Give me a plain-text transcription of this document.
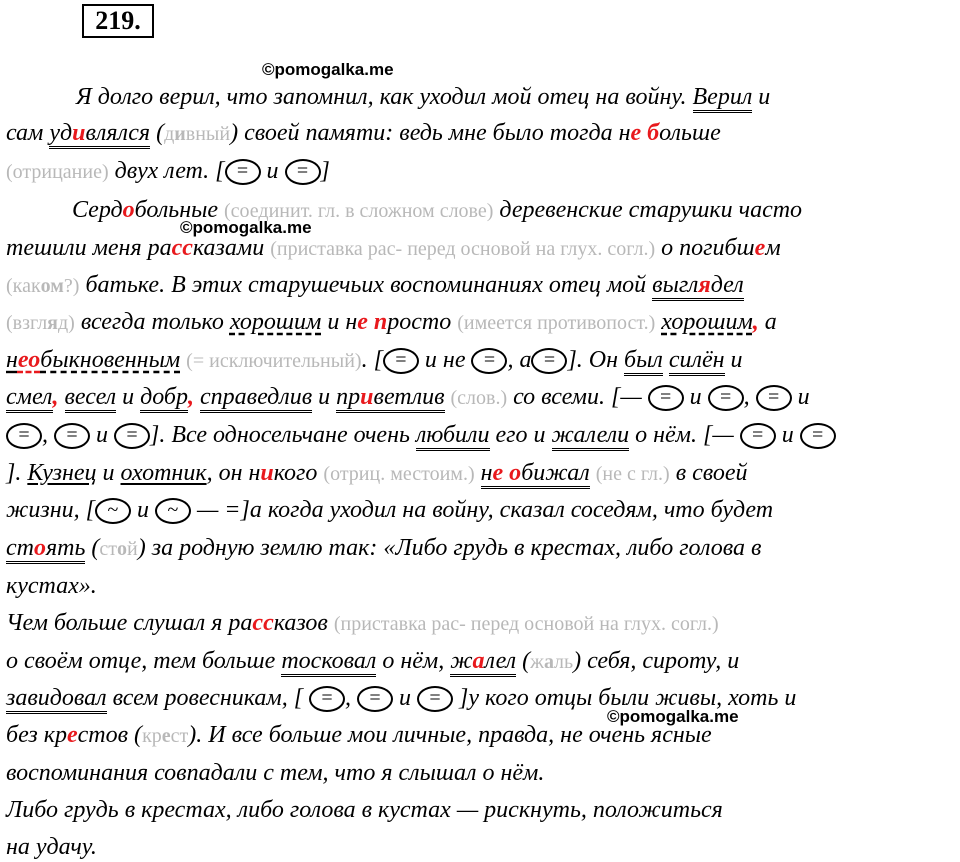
219.
©pomogalka.me
©pomogalka.me
©pomogalka.me
Я долго верил, что запомнил, как уходил мой отец на войну. Верил и
сам удивлялся (дивный) своей памяти: ведь мне было тогда не больше
(отрицание) двух лет. [ = и = ]
Сердобольные (соединит. гл. в сложном слове) деревенские старушки часто
тешили меня рассказами (приставка рас- перед основой на глух. согл.) о погибшем
(каком?) батьке. В этих старушечьих воспоминаниях отец мой выглядел
(взгляд) всегда только хорошим и не просто (имеется противопост.) хорошим, а
необыкновенным (= исключительный). [ = и не = , а = ]. Он был силён и
смел, весел и добр, справедлив и приветлив (слов.) со всеми. [— = и = , = и
= , = и = ]. Все односельчане очень любили его и жалели о нём. [— = и =
]. Кузнец и охотник, он никого (отриц. местоим.) не обижал (не с гл.) в своей
жизни, [ ~ и ~ — =]а когда уходил на войну, сказал соседям, что будет
стоять (стой) за родную землю так: «Либо грудь в крестах, либо голова в
кустах».
Чем больше слушал я рассказов (приставка рас- перед основой на глух. согл.)
о своём отце, тем больше тосковал о нём, жалел (жаль) себя, сироту, и
завидовал всем ровесникам, [ = , = и = ]у кого отцы были живы, хоть и
без крестов (крест). И все больше мои личные, правда, не очень ясные
воспоминания совпадали с тем, что я слышал о нём.
Либо грудь в крестах, либо голова в кустах — рискнуть, положиться
на удачу.
